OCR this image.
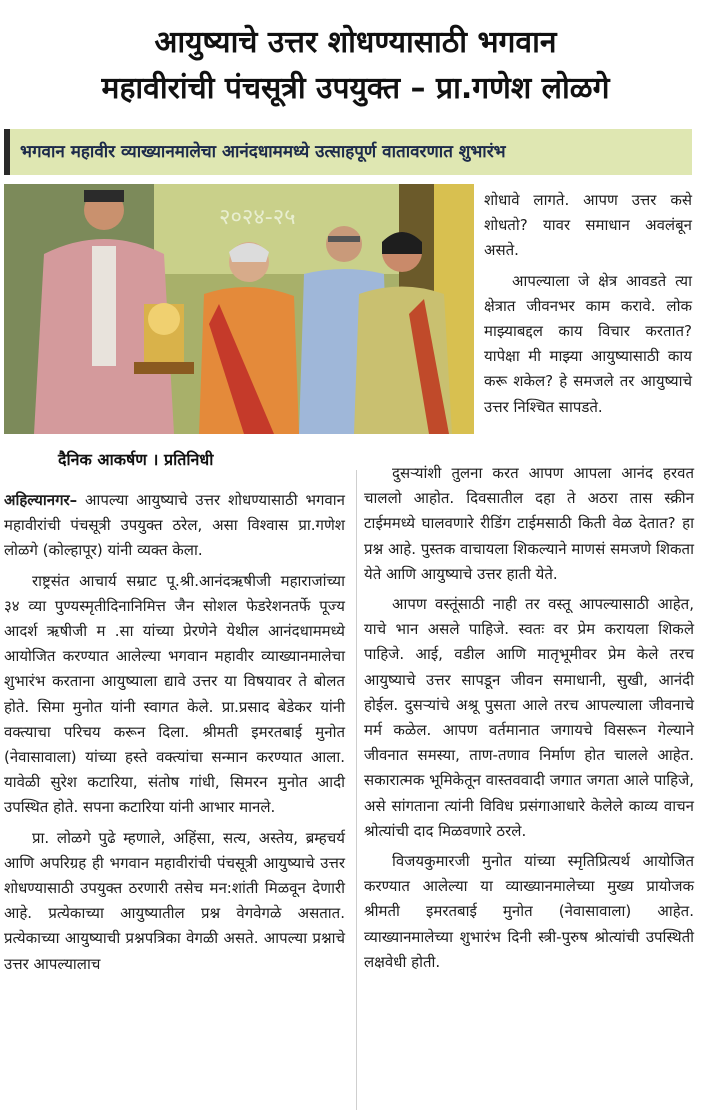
आयुष्याचे उत्तर शोधण्यासाठी भगवान
महावीरांची पंचसूत्री उपयुक्त – प्रा.गणेश लोळगे
भगवान महावीर व्याख्यानमालेचा आनंदधाममध्ये उत्साहपूर्ण वातावरणात शुभारंभ
२०२४-२५
दैनिक आकर्षण । प्रतिनिधी

शोधावे लागते. आपण उत्तर कसे शोधतो? यावर समाधान अवलंबून असते.

आपल्याला जे क्षेत्र आवडते त्या क्षेत्रात जीवनभर काम करावे. लोक माझ्याबद्दल काय विचार करतात? यापेक्षा मी माझ्या आयुष्यासाठी काय करू शकेल? हे समजले तर आयुष्याचे उत्तर निश्चित सापडते.

अहिल्यानगर– आपल्या आयुष्याचे उत्तर शोधण्यासाठी भगवान महावीरांची पंचसूत्री उपयुक्त ठरेल, असा विश्वास प्रा.गणेश लोळगे (कोल्हापूर) यांनी व्यक्त केला.

राष्ट्रसंत आचार्य सम्राट पू.श्री.आनंदऋषीजी महाराजांच्या ३४ व्या पुण्यस्मृतीदिनानिमित्त जैन सोशल फेडरेशनतर्फे पूज्य आदर्श ऋषीजी म .सा यांच्या प्रेरणेने येथील आनंदधाममध्ये आयोजित करण्यात आलेल्या भगवान महावीर व्याख्यानमालेचा शुभारंभ करताना आयुष्याला द्यावे उत्तर या विषयावर ते बोलत होते. सिमा मुनोत यांनी स्वागत केले. प्रा.प्रसाद बेडेकर यांनी वक्त्याचा परिचय करून दिला. श्रीमती इमरतबाई मुनोत (नेवासावाला) यांच्या हस्ते वक्त्यांचा सन्मान करण्यात आला. यावेळी सुरेश कटारिया, संतोष गांधी, सिमरन मुनोत आदी उपस्थित होते. सपना कटारिया यांनी आभार मानले.

प्रा. लोळगे पुढे म्हणाले, अहिंसा, सत्य, अस्तेय, ब्रम्हचर्य आणि अपरिग्रह ही भगवान महावीरांची पंचसूत्री आयुष्याचे उत्तर शोधण्यासाठी उपयुक्त ठरणारी तसेच मन:शांती मिळवून देणारी आहे. प्रत्येकाच्या आयुष्यातील प्रश्न वेगवेगळे असतात. प्रत्येकाच्या आयुष्याची प्रश्नपत्रिका वेगळी असते. आपल्या प्रश्नाचे उत्तर आपल्यालाच

दुसऱ्यांशी तुलना करत आपण आपला आनंद हरवत चाललो आहोत. दिवसातील दहा ते अठरा तास स्क्रीन टाईममध्ये घालवणारे रीडिंग टाईमसाठी किती वेळ देतात? हा प्रश्न आहे. पुस्तक वाचायला शिकल्याने माणसं समजणे शिकता येते आणि आयुष्याचे उत्तर हाती येते.

आपण वस्तूंसाठी नाही तर वस्तू आपल्यासाठी आहेत, याचे भान असले पाहिजे. स्वतः वर प्रेम करायला शिकले पाहिजे. आई, वडील आणि मातृभूमीवर प्रेम केले तरच आयुष्याचे उत्तर सापडून जीवन समाधानी, सुखी, आनंदी होईल. दुसऱ्यांचे अश्रू पुसता आले तरच आपल्याला जीवनाचे मर्म कळेल. आपण वर्तमानात जगायचे विसरून गेल्याने जीवनात समस्या, ताण-तणाव निर्माण होत चालले आहेत. सकारात्मक भूमिकेतून वास्तववादी जगात जगता आले पाहिजे, असे सांगताना त्यांनी विविध प्रसंगाआधारे केलेले काव्य वाचन श्रोत्यांची दाद मिळवणारे ठरले.

विजयकुमारजी मुनोत यांच्या स्मृतिप्रित्यर्थ आयोजित करण्यात आलेल्या या व्याख्यानमालेच्या मुख्य प्रायोजक श्रीमती इमरतबाई मुनोत (नेवासावाला) आहेत. व्याख्यानमालेच्या शुभारंभ दिनी स्त्री-पुरुष श्रोत्यांची उपस्थिती लक्षवेधी होती.
